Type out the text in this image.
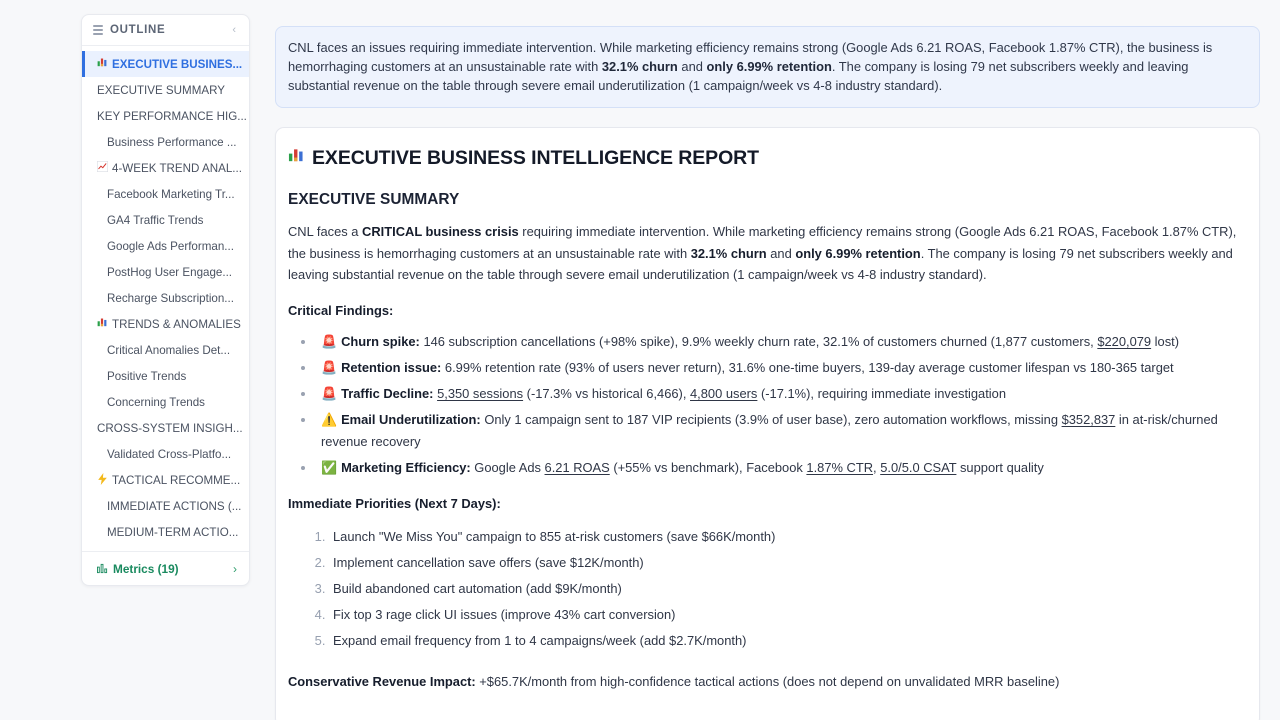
OUTLINE	‹
EXECUTIVE BUSINES...
EXECUTIVE SUMMARY
KEY PERFORMANCE HIG...
Business Performance ...
4-WEEK TREND ANAL...
Facebook Marketing Tr...
GA4 Traffic Trends
Google Ads Performan...
PostHog User Engage...
Recharge Subscription...
TRENDS & ANOMALIES
Critical Anomalies Det...
Positive Trends
Concerning Trends
CROSS-SYSTEM INSIGH...
Validated Cross-Platfo...
TACTICAL RECOMME...
IMMEDIATE ACTIONS (...
MEDIUM-TERM ACTIO...
Metrics (19)	›
CNL faces an issues requiring immediate intervention. While marketing efficiency remains strong (Google Ads 6.21 ROAS, Facebook 1.87% CTR), the business is hemorrhaging customers at an unsustainable rate with 32.1% churn and only 6.99% retention. The company is losing 79 net subscribers weekly and leaving substantial revenue on the table through severe email underutilization (1 campaign/week vs 4-8 industry standard).
EXECUTIVE BUSINESS INTELLIGENCE REPORT
EXECUTIVE SUMMARY

CNL faces a CRITICAL business crisis requiring immediate intervention. While marketing efficiency remains strong (Google Ads 6.21 ROAS, Facebook 1.87% CTR), the business is hemorrhaging customers at an unsustainable rate with 32.1% churn and only 6.99% retention. The company is losing 79 net subscribers weekly and leaving substantial revenue on the table through severe email underutilization (1 campaign/week vs 4-8 industry standard).

Critical Findings:

🚨 Churn spike: 146 subscription cancellations (+98% spike), 9.9% weekly churn rate, 32.1% of customers churned (1,877 customers, $220,079 lost)
🚨 Retention issue: 6.99% retention rate (93% of users never return), 31.6% one-time buyers, 139-day average customer lifespan vs 180-365 target
🚨 Traffic Decline: 5,350 sessions (-17.3% vs historical 6,466), 4,800 users (-17.1%), requiring immediate investigation
⚠️ Email Underutilization: Only 1 campaign sent to 187 VIP recipients (3.9% of user base), zero automation workflows, missing $352,837 in at-risk/churned revenue recovery
✅ Marketing Efficiency: Google Ads 6.21 ROAS (+55% vs benchmark), Facebook 1.87% CTR, 5.0/5.0 CSAT support quality

Immediate Priorities (Next 7 Days):

1. Launch "We Miss You" campaign to 855 at-risk customers (save $66K/month)
2. Implement cancellation save offers (save $12K/month)
3. Build abandoned cart automation (add $9K/month)
4. Fix top 3 rage click UI issues (improve 43% cart conversion)
5. Expand email frequency from 1 to 4 campaigns/week (add $2.7K/month)

Conservative Revenue Impact: +$65.7K/month from high-confidence tactical actions (does not depend on unvalidated MRR baseline)
